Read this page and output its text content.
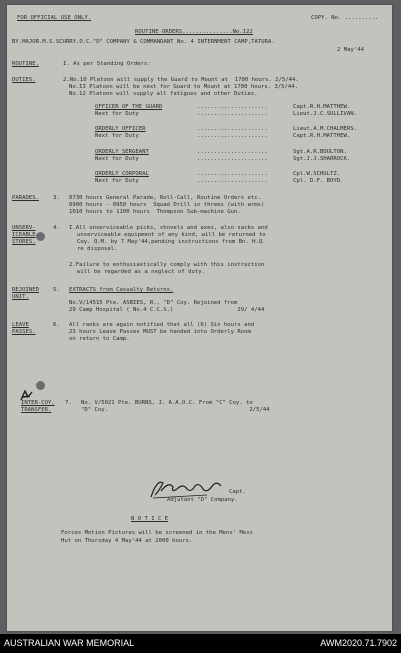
FOR OFFICIAL USE ONLY.	COPY. No. ..........
ROUTINE ORDERS...............No.122
BY.MAJOR.M.S.SCURRY.O.C."D" COMPANY & COMMANDANT No. 4 INTERNMENT CAMP,TATURA.
2 May'44
ROUTINE.	I. As per Standing Orders:
DUTIES.	2.No.10 Platoon will supply the Guard to Mount at  1700 hours. 2/5/44.
No.II Platoon will be next for Guard to Mount at 1700 hours. 3/5/44.
No.12 Platoon will supply all fatigues and other Duties.
OFFICER OF THE GUARD	.....................	Capt.R.H.MATTHEW.
Next for Duty	.....................	Lieut.J.C.SULLIVAN.
ORDERLY OFFICER	.....................	Lieut.A.M.CHALMERS.
Next for Duty	.....................	Capt.R.H.MATTHEW.
ORDERLY SERGEANT	.....................	Sgt.A.R.BOULTON.
Next for Duty	.....................	Sgt.J.J.SHARROCK.
ORDERLY CORPORAL	.....................	Cpl.W.SCHULTZ.
Next for Duty	.....................	Cpl. D.F. BOYD.
PARADES.	3. 0730 hours General Parade, Roll-Call, Routine Orders etc.
0900 hours - 0950 hours  Squad Drill in threes (with arms)
1010 hours to 1100 hours  Thompson Sub-machine Gun.
UNSERV-
ICEABLE
STORES.
4. I.All unserviceable picks, shovels and axes, also sacks and
unserviceable equipment of any kind, will be returned to
Coy. Q.M. by 7 May'44,pending instructions from Bn. H.Q.
re disposal.
2.Failure to enthusiastically comply with this instruction
will be regarded as a neglect of duty.
REJOINED
UNIT.
5. EXTRACTS from Casualty Returns.
No.V/14515 Pte. ASBIES, R., "D" Coy. Rejoined from
29 Camp Hospital ( No.4 C.C.S.)                   29/ 4/44
LEAVE
PASSES.
6. All ranks are again notified that all (6) Six hours and
23 hours Leave Passes MUST be handed into Orderly Room
on return to Camp.
INTER-COY.
TRANSFER.
7. No. V/5021 Pte. BURNS, J. A.A.O.C. From "C" Coy. to
"D" Coy.                                          2/5/44
Capt.
Adjutant "D" Company.
N O T I C E
Forces Motion Pictures will be screened in the Mens' Mess
Hut on Thursday 4 May'44 at 2000 hours.
AUSTRALIAN WAR MEMORIAL	AWM2020.71.7902
